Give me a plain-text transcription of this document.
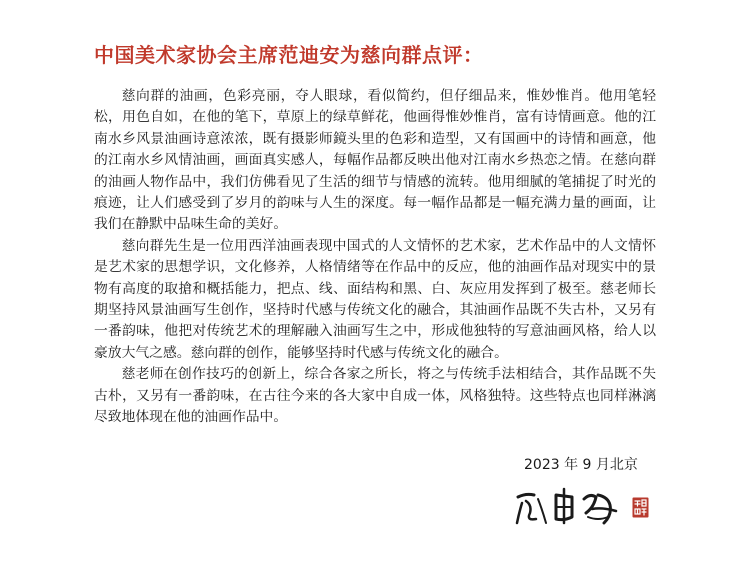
中国美术家协会主席范迪安为慈向群点评：

慈向群的油画，色彩亮丽，夺人眼球，看似简约，但仔细品来，惟妙惟肖。他用笔轻松，用色自如，在他的笔下，草原上的绿草鲜花，他画得惟妙惟肖，富有诗情画意。他的江南水乡风景油画诗意浓浓，既有摄影师鏡头里的色彩和造型，又有国画中的诗情和画意，他的江南水乡风情油画，画面真实感人，每幅作品都反映出他对江南水乡热恋之情。在慈向群的油画人物作品中，我们仿佛看见了生活的细节与情感的流转。他用细腻的笔捕捉了时光的痕迹，让人们感受到了岁月的韵味与人生的深度。每一幅作品都是一幅充满力量的画面，让我们在静默中品味生命的美好。

慈向群先生是一位用西洋油画表现中国式的人文情怀的艺术家，艺术作品中的人文情怀是艺术家的思想学识，文化修养，人格情绪等在作品中的反应，他的油画作品对现实中的景物有高度的取搶和概括能力，把点、线、面结构和黑、白、灰应用发挥到了极至。慈老师长期坚持风景油画写生创作，坚持时代感与传统文化的融合，其油画作品既不失古朴，又另有一番韵味，他把对传统艺术的理解融入油画写生之中，形成他独特的写意油画风格，给人以豪放大气之感。慈向群的创作，能够坚持时代感与传统文化的融合。

慈老师在创作技巧的创新上，综合各家之所长，将之与传统手法相结合，其作品既不失古朴，又另有一番韵味，在古往今来的各大家中自成一体，风格独特。这些特点也同样淋漓尽致地体现在他的油画作品中。

2023 年 9 月北京
